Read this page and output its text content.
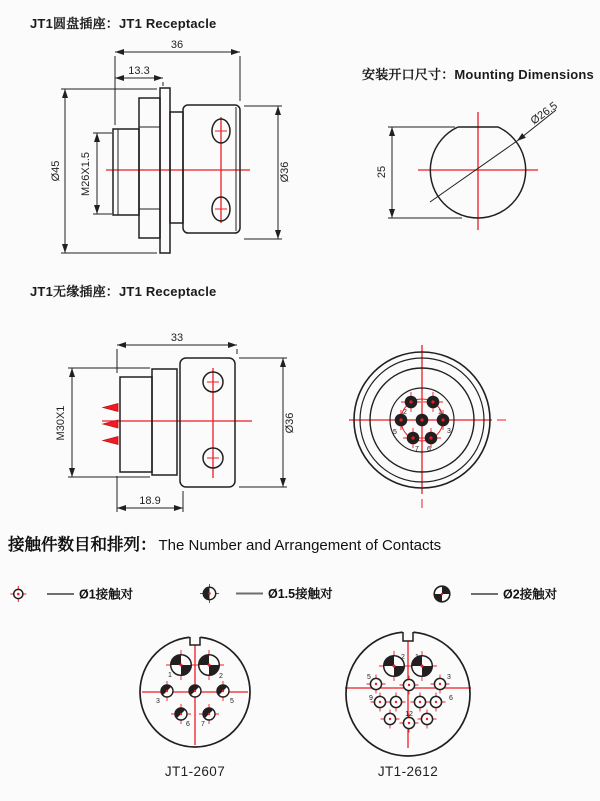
JT1圆盘插座：JT1 Receptacle
安装开口尺寸：Mounting Dimensions
JT1无缘插座：JT1 Receptacle
接触件数目和排列： The Number and Arrangement of Contacts
JT1-2607	JT1-2612
36
13.3
Ø45 M26X1.5	Ø36	25
Ø26.5
33
M30X1	Ø36
18.9
2	1
5	3
7 6
Ø1接触对	Ø1.5接触对	Ø2接触对
1	2
3	5
6 7
2 1
5	3
9	6
12
